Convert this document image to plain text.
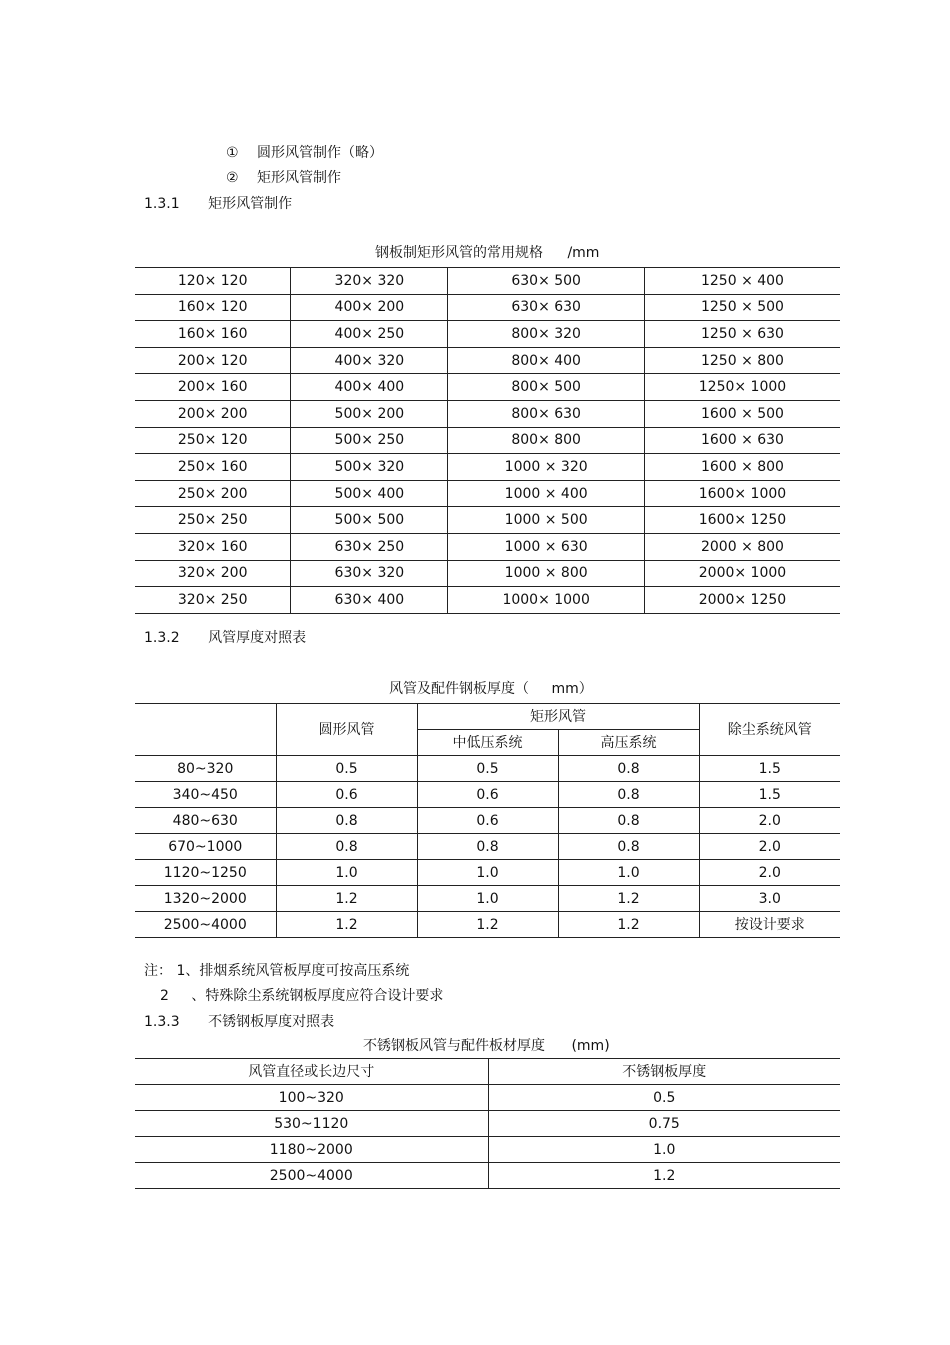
① 圆形风管制作（略）
② 矩形风管制作
1.3.1 矩形风管制作
钢板制矩形风管的常用规格 /mm
120× 120	320× 320	630× 500	1250 × 400
160× 120	400× 200	630× 630	1250 × 500
160× 160	400× 250	800× 320	1250 × 630
200× 120	400× 320	800× 400	1250 × 800
200× 160	400× 400	800× 500	1250× 1000
200× 200	500× 200	800× 630	1600 × 500
250× 120	500× 250	800× 800	1600 × 630
250× 160	500× 320	1000 × 320	1600 × 800
250× 200	500× 400	1000 × 400	1600× 1000
250× 250	500× 500	1000 × 500	1600× 1250
320× 160	630× 250	1000 × 630	2000 × 800
320× 200	630× 320	1000 × 800	2000× 1000
320× 250	630× 400	1000× 1000	2000× 1250
1.3.2 风管厚度对照表
风管及配件钢板厚度（ mm）
	圆形风管	矩形风管		除尘系统风管
		中低压系统	高压系统	
80~320	0.5	0.5	0.8	1.5
340~450	0.6	0.6	0.8	1.5
480~630	0.8	0.6	0.8	2.0
670~1000	0.8	0.8	0.8	2.0
1120~1250	1.0	1.0	1.0	2.0
1320~2000	1.2	1.0	1.2	3.0
2500~4000	1.2	1.2	1.2	按设计要求
注： 1、排烟系统风管板厚度可按高压系统
2 、特殊除尘系统钢板厚度应符合设计要求
1.3.3 不锈钢板厚度对照表
不锈钢板风管与配件板材厚度 (mm)
风管直径或长边尺寸	不锈钢板厚度
100~320	0.5
530~1120	0.75
1180~2000	1.0
2500~4000	1.2
